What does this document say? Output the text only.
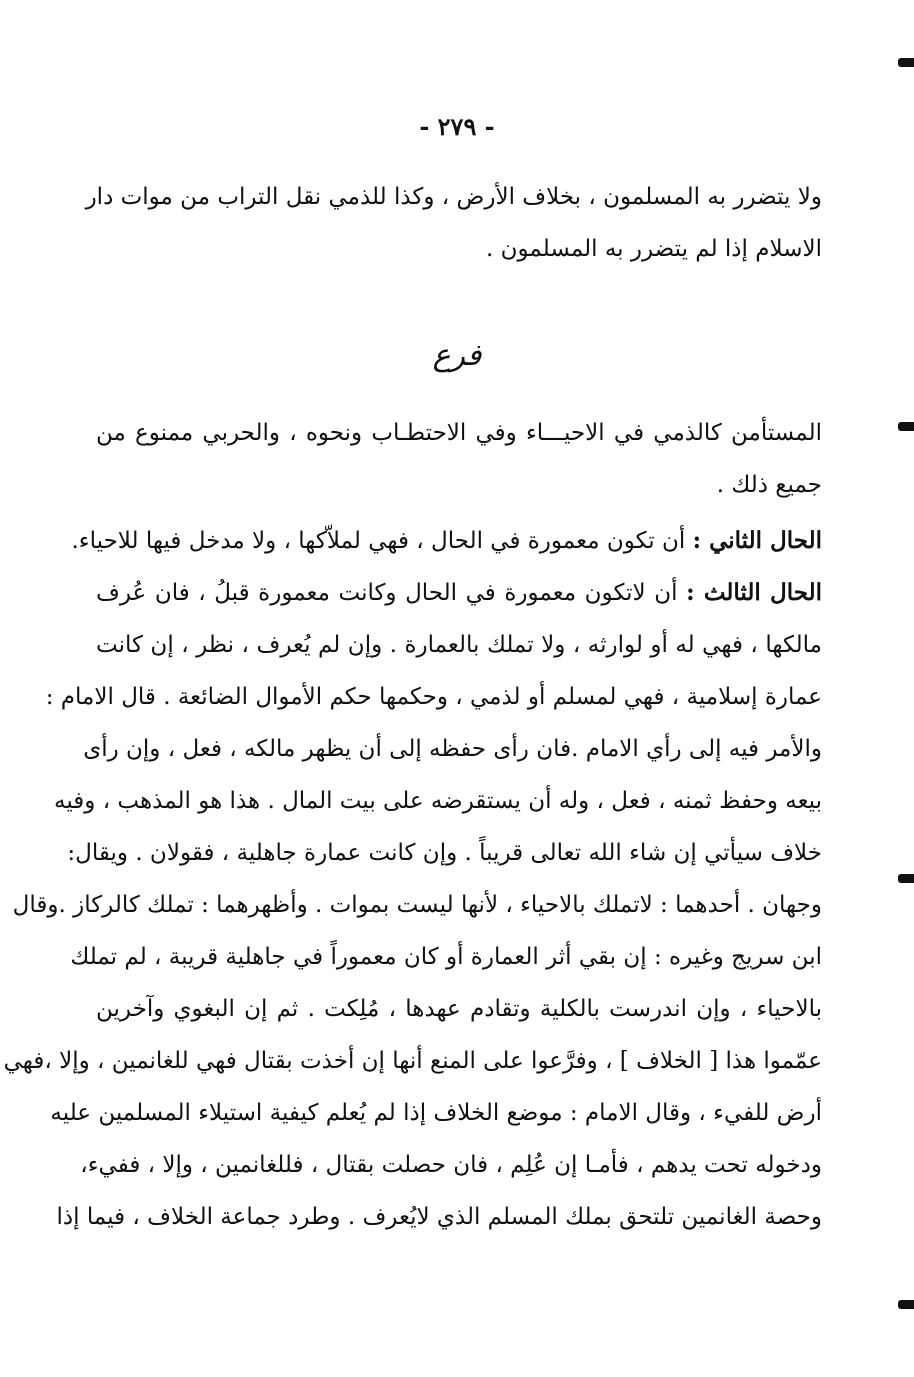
- ٢٧٩ -
ولا يتضرر به المسلمون ، بخلاف الأرض ، وكذا للذمي نقل التراب من موات دار
الاسلام إذا لم يتضرر به المسلمون .
فرع
المستأمن كالذمي في الاحيـــاء وفي الاحتطـاب ونحوه ، والحربي ممنوع من
جميع ذلك .
الحال الثاني : أن تكون معمورة في الحال ، فهي لملاّكها ، ولا مدخل فيها للاحياء.
الحال الثالث : أن لاتكون معمورة في الحال وكانت معمورة قبلُ ، فان عُرف
مالكها ، فهي له أو لوارثه ، ولا تملك بالعمارة . وإن لم يُعرف ، نظر ، إن كانت
عمارة إسلامية ، فهي لمسلم أو لذمي ، وحكمها حكم الأموال الضائعة . قال الامام :
والأمر فيه إلى رأي الامام .فان رأى حفظه إلى أن يظهر مالكه ، فعل ، وإن رأى
بيعه وحفظ ثمنه ، فعل ، وله أن يستقرضه على بيت المال . هذا هو المذهب ، وفيه
خلاف سيأتي إن شاء الله تعالى قريباً . وإن كانت عمارة جاهلية ، فقولان . ويقال:
وجهان . أحدهما : لاتملك بالاحياء ، لأنها ليست بموات . وأظهرهما : تملك كالركاز .وقال
ابن سريج وغيره : إن بقي أثر العمارة أو كان معموراً في جاهلية قريبة ، لم تملك
بالاحياء ، وإن اندرست بالكلية وتقادم عهدها ، مُلِكت . ثم إن البغوي وآخرين
عمّموا هذا [ الخلاف ] ، وفرَّعوا على المنع أنها إن أخذت بقتال فهي للغانمين ، وإلا ،فهي
أرض للفيء ، وقال الامام : موضع الخلاف إذا لم يُعلم كيفية استيلاء المسلمين عليه
ودخوله تحت يدهم ، فأمـا إن عُلِم ، فان حصلت بقتال ، فللغانمين ، وإلا ، ففيء،
وحصة الغانمين تلتحق بملك المسلم الذي لايُعرف . وطرد جماعة الخلاف ، فيما إذا
